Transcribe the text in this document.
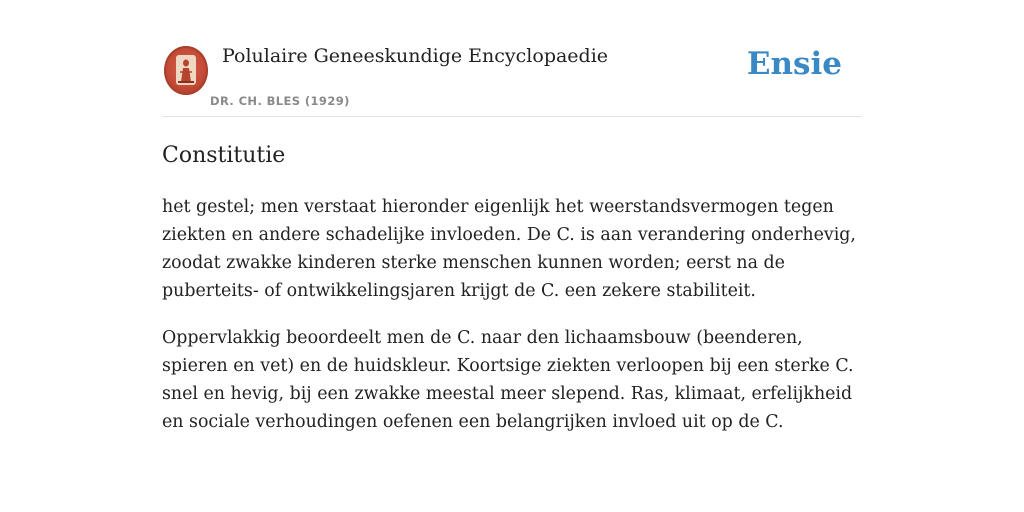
Polulaire Geneeskundige Encyclopaedie
DR. CH. BLES (1929)
Ensie
Constitutie

het gestel; men verstaat hieronder eigenlijk het weerstandsvermogen tegen ziekten en andere schadelijke invloeden. De C. is aan verandering onderhevig, zoodat zwakke kinderen sterke menschen kunnen worden; eerst na de puberteits- of ontwikkelingsjaren krijgt de C. een zekere stabiliteit.

Oppervlakkig beoordeelt men de C. naar den lichaamsbouw (beenderen, spieren en vet) en de huidskleur. Koortsige ziekten verloopen bij een sterke C. snel en hevig, bij een zwakke meestal meer slepend. Ras, klimaat, erfelijkheid en sociale verhoudingen oefenen een belangrijken invloed uit op de C.
